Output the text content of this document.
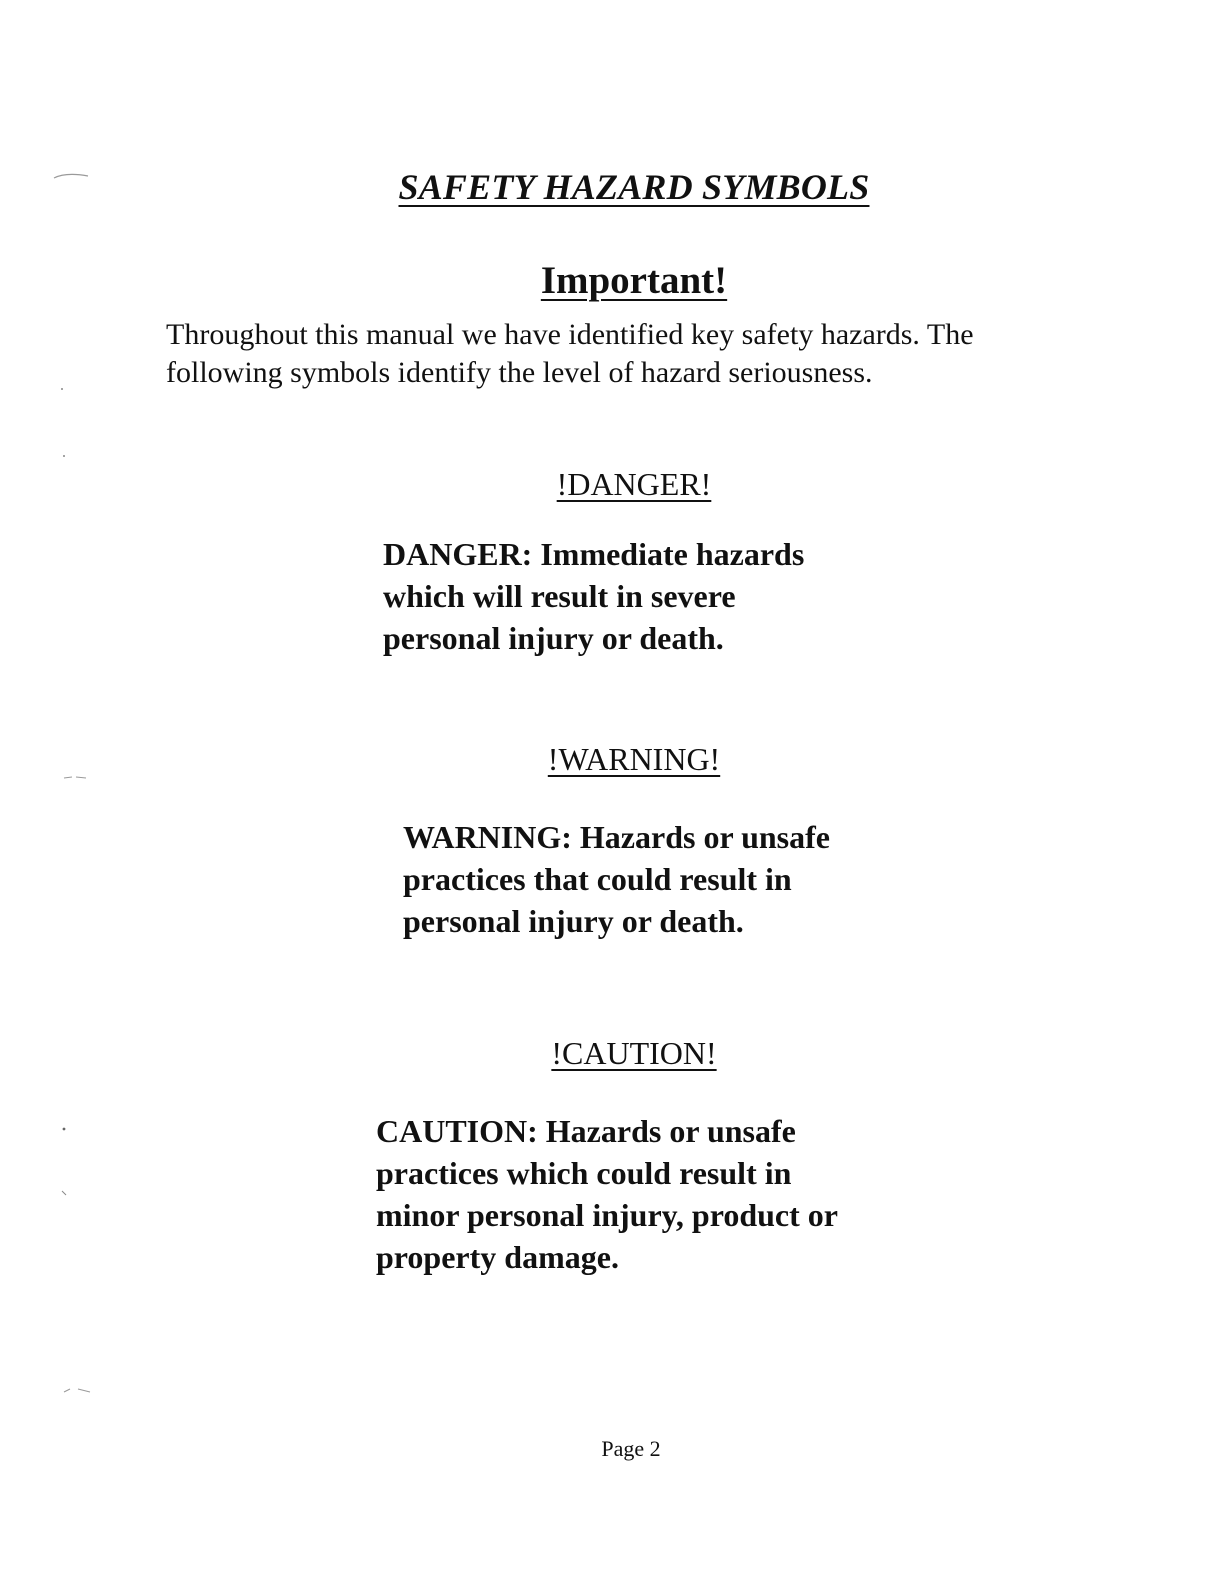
SAFETY HAZARD SYMBOLS
Important!

Throughout this manual we have identified key safety hazards. The

following symbols identify the level of hazard seriousness.

!DANGER!

DANGER: Immediate hazards

which will result in severe

personal injury or death.

!WARNING!

WARNING: Hazards or unsafe

practices that could result in

personal injury or death.

!CAUTION!

CAUTION: Hazards or unsafe

practices which could result in

minor personal injury, product or

property damage.

Page 2
